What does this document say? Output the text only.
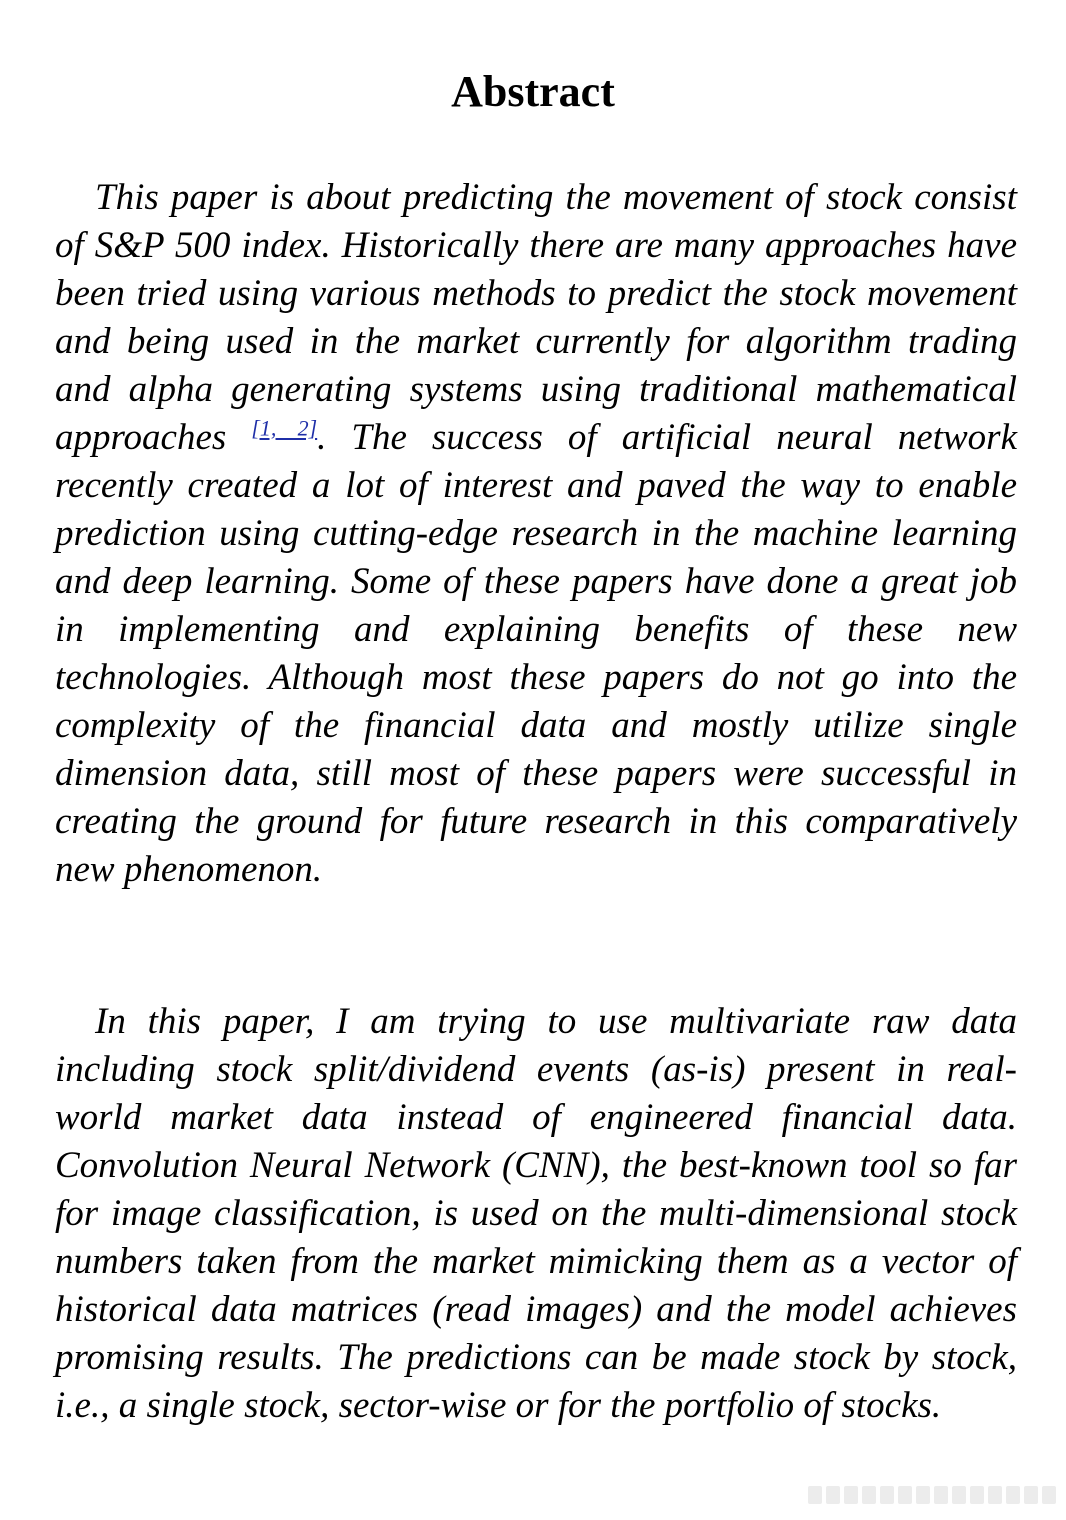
Abstract

This paper is about predicting the movement of stock consist of S&P 500 index. Historically there are many approaches have been tried using various methods to predict the stock movement and being used in the market currently for algorithm trading and alpha generating systems using traditional mathematical approaches [1, 2]. The success of artificial neural network recently created a lot of interest and paved the way to enable prediction using cutting-edge research in the machine learning and deep learning. Some of these papers have done a great job in implementing and explaining benefits of these new technologies. Although most these papers do not go into the complexity of the financial data and mostly utilize single dimension data, still most of these papers were successful in creating the ground for future research in this comparatively new phenomenon.

In this paper, I am trying to use multivariate raw data including stock split/dividend events (as-is) present in real-world market data instead of engineered financial data. Convolution Neural Network (CNN), the best-known tool so far for image classification, is used on the multi-dimensional stock numbers taken from the market mimicking them as a vector of historical data matrices (read images) and the model achieves promising results. The predictions can be made stock by stock, i.e., a single stock, sector-wise or for the portfolio of stocks.
